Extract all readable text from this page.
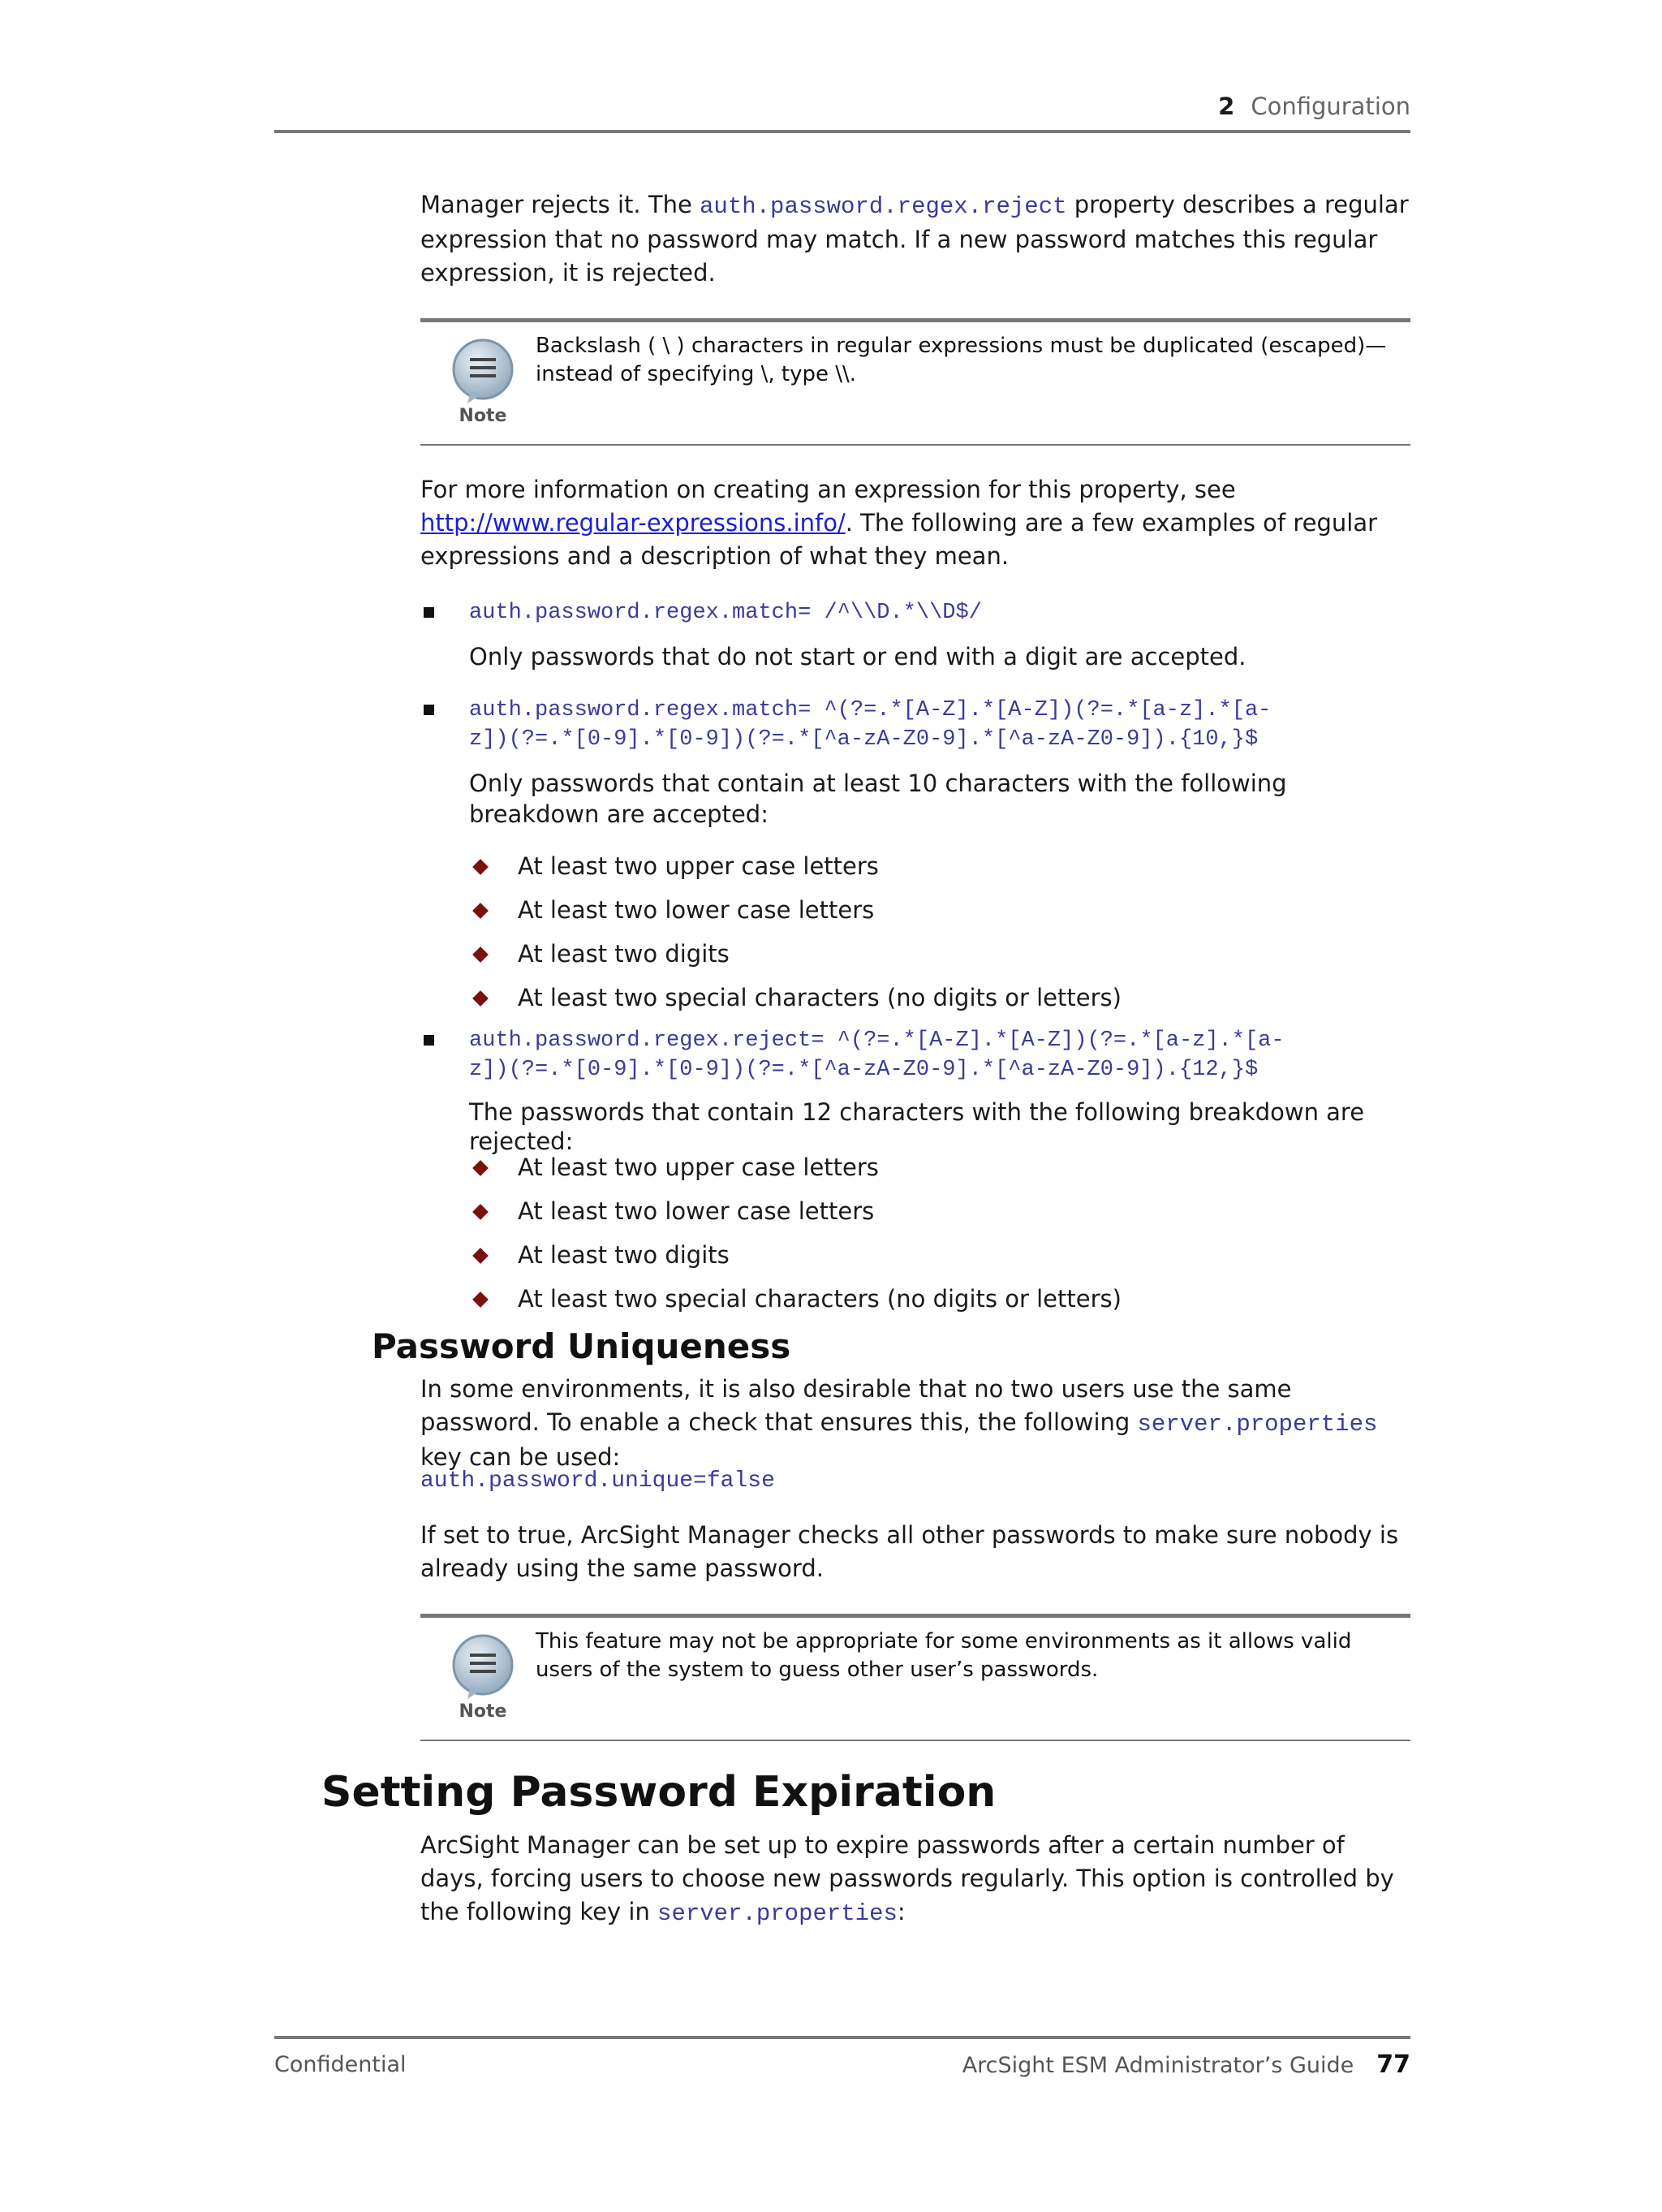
2 Configuration
Manager rejects it. The auth.password.regex.reject property describes a regular expression that no password may match. If a new password matches this regular expression, it is rejected.
Note
Backslash ( \ ) characters in regular expressions must be duplicated (escaped)—instead of specifying \, type \\.
For more information on creating an expression for this property, see http://www.regular-expressions.info/. The following are a few examples of regular expressions and a description of what they mean.
auth.password.regex.match= /^\\D.*\\D$/
Only passwords that do not start or end with a digit are accepted.
auth.password.regex.match= ^(?=.*[A-Z].*[A-Z])(?=.*[a-z].*[a-
z])(?=.*[0-9].*[0-9])(?=.*[^a-zA-Z0-9].*[^a-zA-Z0-9]).{10,}$
Only passwords that contain at least 10 characters with the following breakdown are accepted:
At least two upper case letters
At least two lower case letters
At least two digits
At least two special characters (no digits or letters)
auth.password.regex.reject= ^(?=.*[A-Z].*[A-Z])(?=.*[a-z].*[a-
z])(?=.*[0-9].*[0-9])(?=.*[^a-zA-Z0-9].*[^a-zA-Z0-9]).{12,}$
The passwords that contain 12 characters with the following breakdown are rejected:
At least two upper case letters
At least two lower case letters
At least two digits
At least two special characters (no digits or letters)
Password Uniqueness
In some environments, it is also desirable that no two users use the same password. To enable a check that ensures this, the following server.properties key can be used:
auth.password.unique=false
If set to true, ArcSight Manager checks all other passwords to make sure nobody is already using the same password.
Note
This feature may not be appropriate for some environments as it allows valid users of the system to guess other user’s passwords.
Setting Password Expiration
ArcSight Manager can be set up to expire passwords after a certain number of days, forcing users to choose new passwords regularly. This option is controlled by the following key in server.properties:
Confidential	ArcSight ESM Administrator’s Guide 77
